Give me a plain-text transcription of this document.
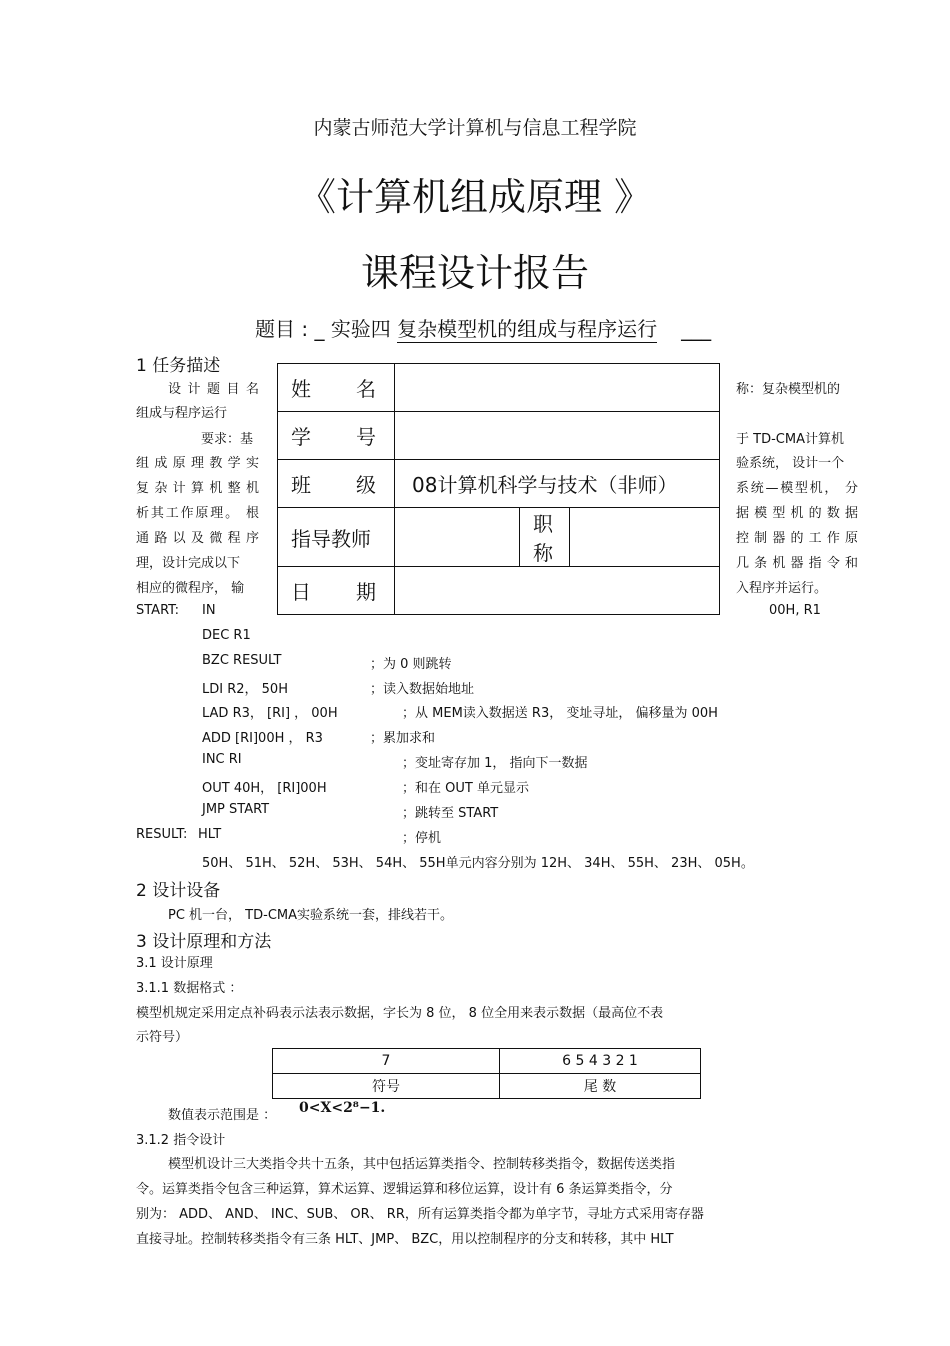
内蒙古师范大学计算机与信息工程学院
《计算机组成原理 》
课程设计报告
题目 : _ 实验四 复杂模型机的组成与程序运行 ___
1 任务描述
设计题目名
组成与程序运行
要求：基
组成原理教学实
复杂计算机整机
析其工作原理。 根
通路以及微程序
理，设计完成以下
相应的微程序， 输
称：复杂模型机的
于 TD-CMA计算机
验系统， 设计一个
系统—模型机， 分
据模型机的数据
控制器的工作原
几条机器指令和
入程序并运行。
姓名			
学号			
班级	08计算机科学与技术（非师）		
指导教师		职称	
日期			
START: IN	00H, R1
DEC R1
BZC RESULT	；为 0 则跳转
LDI R2， 50H	；读入数据始地址
LAD R3， [RI] ， 00H	；从 MEM读入数据送 R3， 变址寻址， 偏移量为 00H
ADD [RI]00H ， R3	；累加求和
INC RI	；变址寄存加 1， 指向下一数据
OUT 40H， [RI]00H	；和在 OUT 单元显示
JMP START	；跳转至 START
RESULT: HLT	；停机
50H、 51H、 52H、 53H、 54H、 55H单元内容分别为 12H、 34H、 55H、 23H、 05H。
2 设计设备
PC 机一台， TD-CMA实验系统一套，排线若干。
3 设计原理和方法
3.1 设计原理
3.1.1 数据格式 ：
模型机规定采用定点补码表示法表示数据，字长为 8 位， 8 位全用来表示数据（最高位不表
示符号）
7	6 5 4 3 2 1
符号	尾 数
数值表示范围是 ： 0<X<2⁸−1.
3.1.2 指令设计
模型机设计三大类指令共十五条，其中包括运算类指令、控制转移类指令，数据传送类指
令。运算类指令包含三种运算，算术运算、逻辑运算和移位运算，设计有 6 条运算类指令，分
别为： ADD、 AND、 INC、SUB、 OR、 RR，所有运算类指令都为单字节，寻址方式采用寄存器
直接寻址。控制转移类指令有三条 HLT、JMP、 BZC，用以控制程序的分支和转移，其中 HLT
